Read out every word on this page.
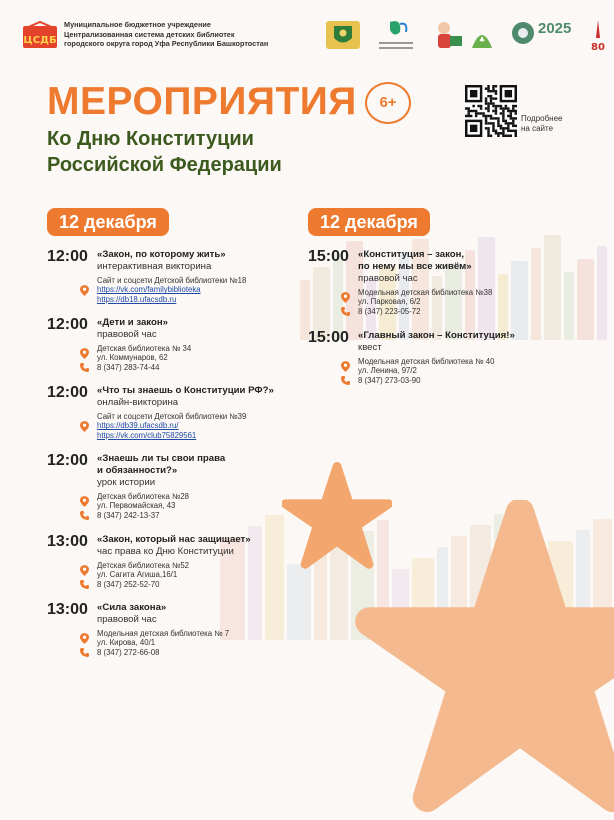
ЦСДБ
Муниципальное бюджетное учреждение
Централизованная система детских библиотек
городского округа город Уфа Республики Башкортостан	♣
2025
80
МЕРОПРИЯТИЯ
Ко Дню Конституции
Российской Федерации
6+
Подробнее
на сайте
12 декабря
12:00 «Закон, по которому жить»
интерактивная викторина
Сайт и соцсети Детской библиотеки №18
https://vk.com/familybiblioteka
https://db18.ufacsdb.ru
12:00 «Дети и закон»
правовой час
Детская библиотека № 34
ул. Коммунаров, 62
8 (347) 283-74-44
12:00 «Что ты знаешь о Конституции РФ?»
онлайн-викторина
Сайт и соцсети Детской библиотеки №39
https://db39.ufacsdb.ru/
https://vk.com/club75829561
12:00 «Знаешь ли ты свои права
и обязанности?»
урок истории
Детская библиотека №28
ул. Первомайская, 43
8 (347) 242-13-37
13:00 «Закон, который нас защищает»
час права ко Дню Конституции
Детская библиотека №52
ул. Сагита Агиша,16/1
8 (347) 252-52-70
13:00 «Сила закона»
правовой час
Модельная детская библиотека № 7
ул. Кирова, 40/1
8 (347) 272-66-08
12 декабря
15:00 «Конституция – закон,
по нему мы все живём»
правовой час
Модельная детская библиотека №38
ул. Парковая, 6/2
8 (347) 223-05-72
15:00 «Главный закон – Конституция!»
квест
Модельная детская библиотека № 40
ул. Ленина, 97/2
8 (347) 273-03-90
